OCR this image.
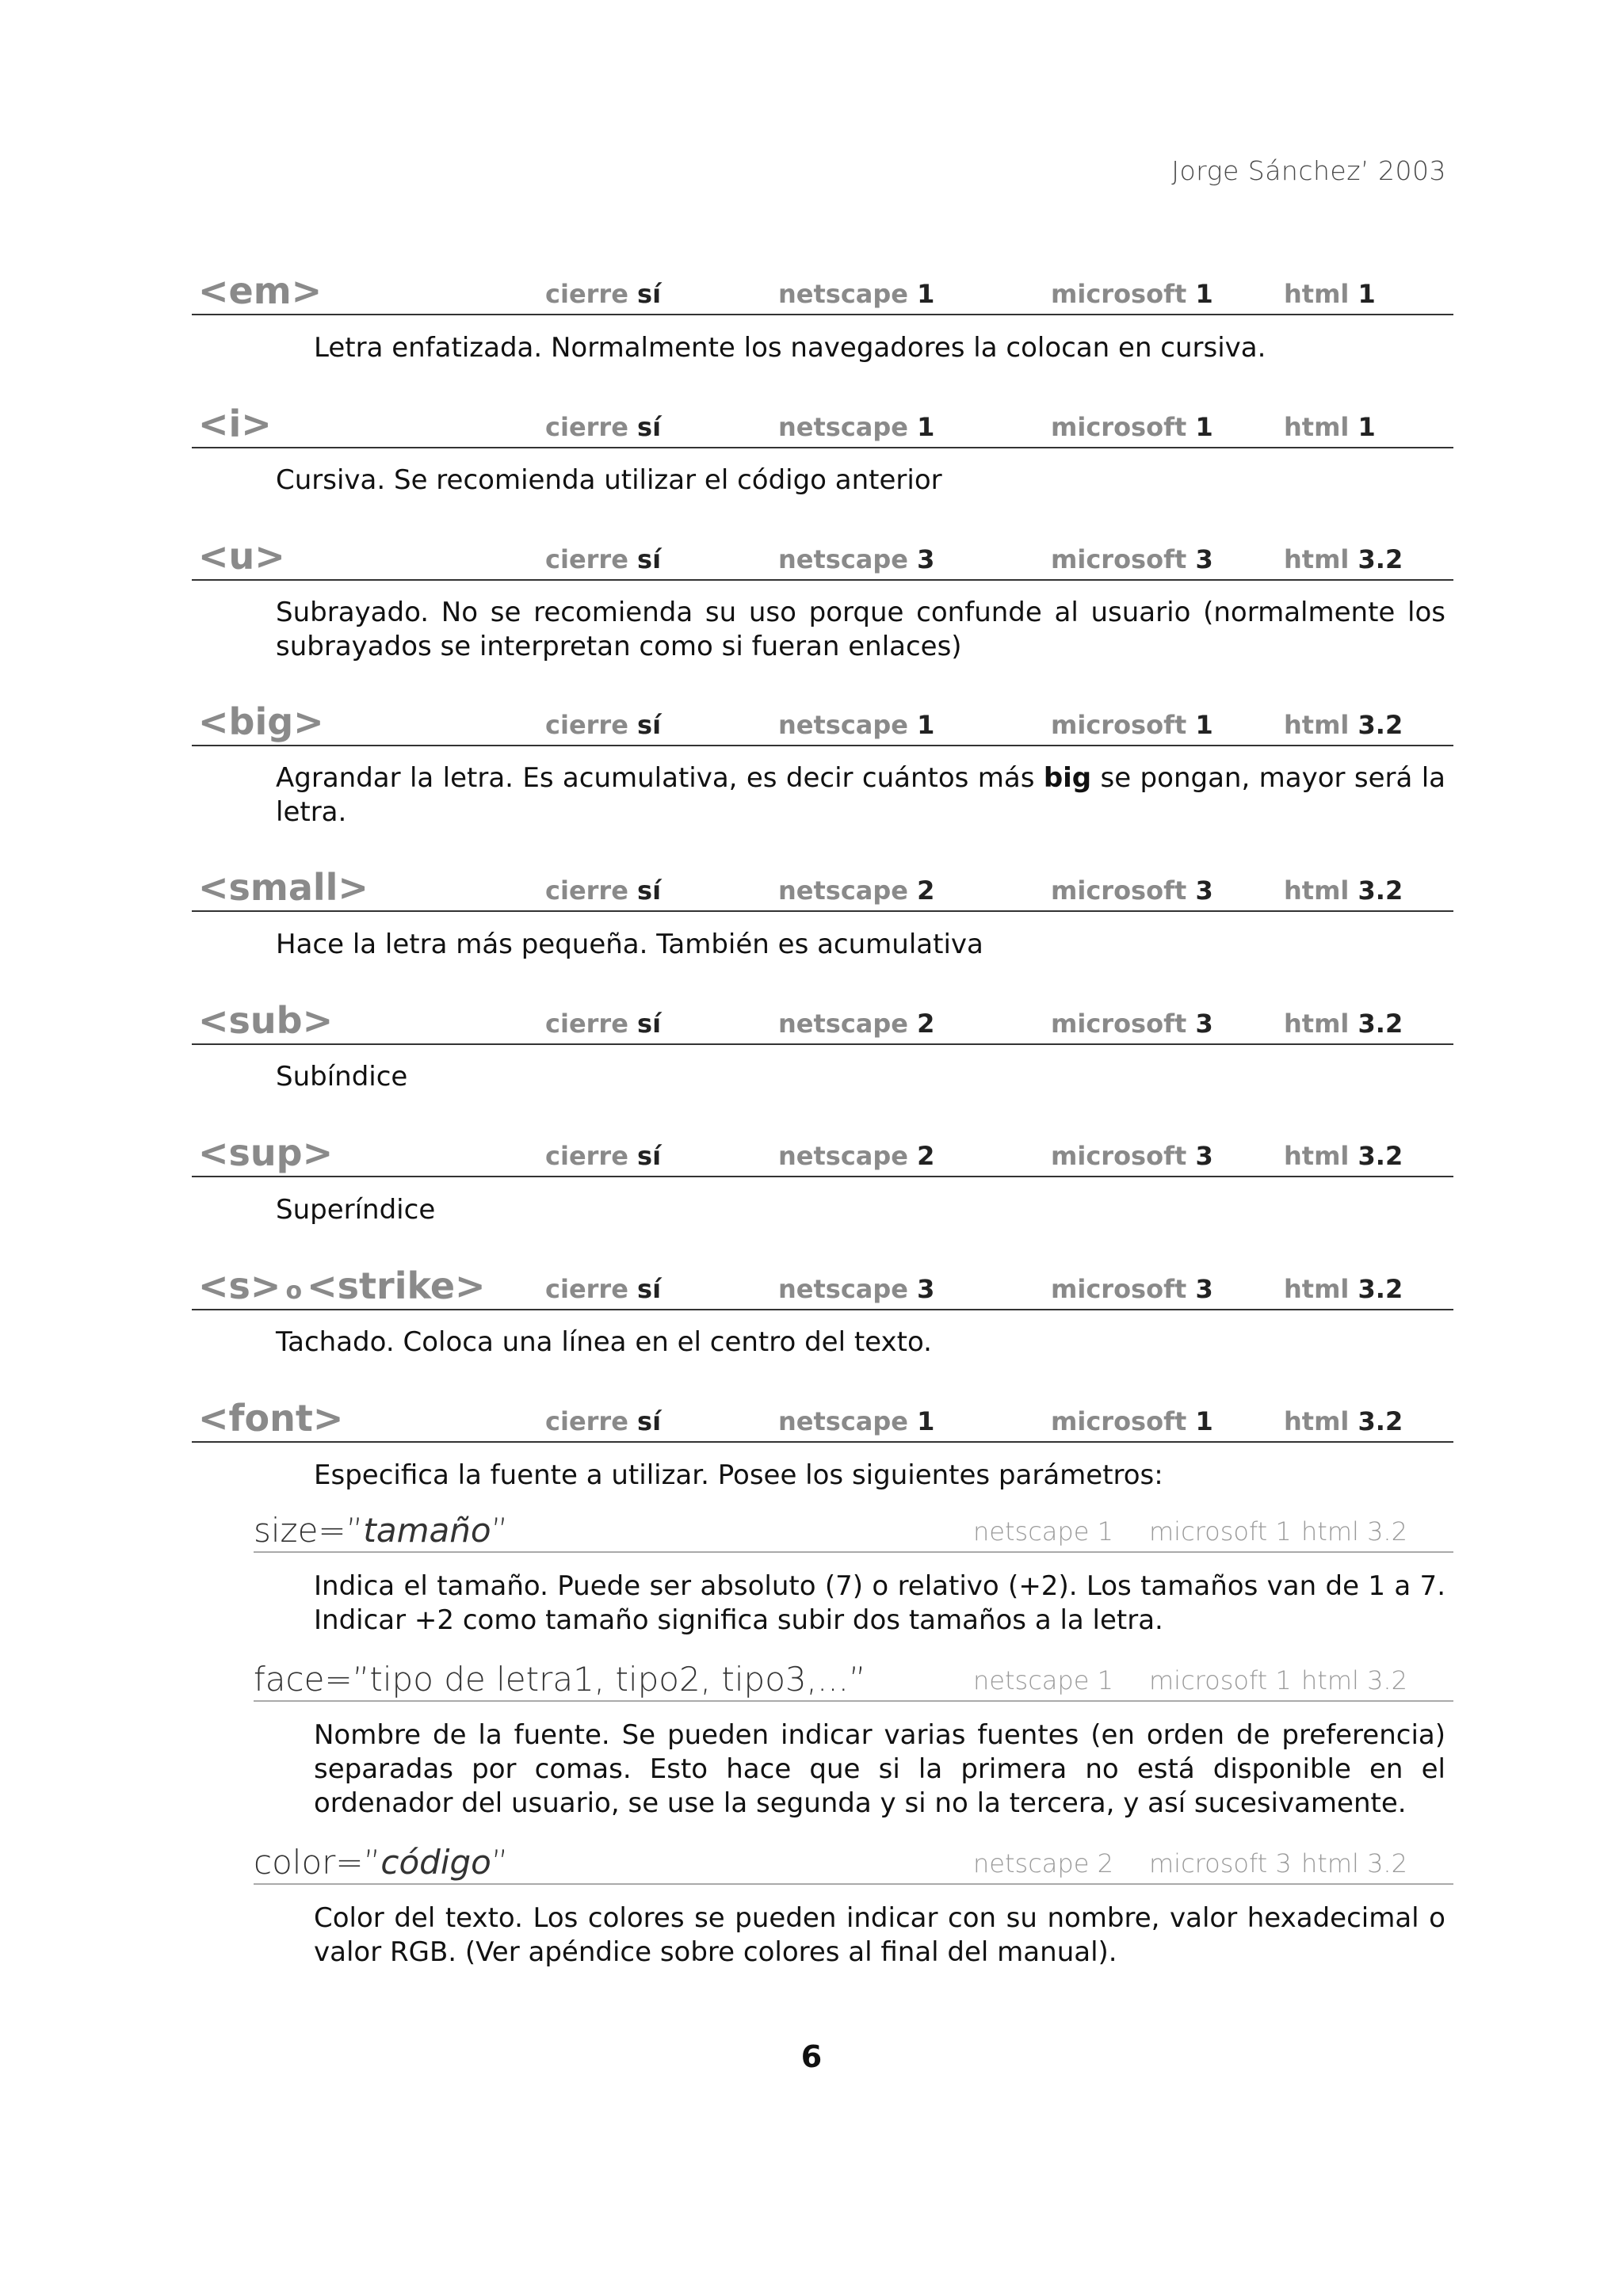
Jorge Sánchez’ 2003
<em>	cierre sí	netscape 1	microsoft 1	html 1
Letra enfatizada. Normalmente los navegadores la colocan en cursiva.
<i>	cierre sí	netscape 1	microsoft 1	html 1
Cursiva. Se recomienda utilizar el código anterior
<u>	cierre sí	netscape 3	microsoft 3	html 3.2
Subrayado. No se recomienda su uso porque confunde al usuario (normalmente los subrayados se interpretan como si fueran enlaces)
<big>	cierre sí	netscape 1	microsoft 1	html 3.2
Agrandar la letra. Es acumulativa, es decir cuántos más big se pongan, mayor será la letra.
<small>	cierre sí	netscape 2	microsoft 3	html 3.2
Hace la letra más pequeña. También es acumulativa
<sub>	cierre sí	netscape 2	microsoft 3	html 3.2
Subíndice
<sup>	cierre sí	netscape 2	microsoft 3	html 3.2
Superíndice
<s> o <strike> cierre sí	netscape 3	microsoft 3	html 3.2
Tachado. Coloca una línea en el centro del texto.
<font>	cierre sí	netscape 1	microsoft 1	html 3.2
Especifica la fuente a utilizar. Posee los siguientes parámetros:
size=”tamaño”	netscape 1 microsoft 1 html 3.2
Indica el tamaño. Puede ser absoluto (7) o relativo (+2). Los tamaños van de 1 a 7. Indicar +2 como tamaño significa subir dos tamaños a la letra.
face=”tipo de letra1, tipo2, tipo3,...”	netscape 1 microsoft 1 html 3.2
Nombre de la fuente. Se pueden indicar varias fuentes (en orden de preferencia) separadas por comas. Esto hace que si la primera no está disponible en el ordenador del usuario, se use la segunda y si no la tercera, y así sucesivamente.
color=”código”	netscape 2 microsoft 3 html 3.2
Color del texto. Los colores se pueden indicar con su nombre, valor hexadecimal o valor RGB. (Ver apéndice sobre colores al final del manual).
6
